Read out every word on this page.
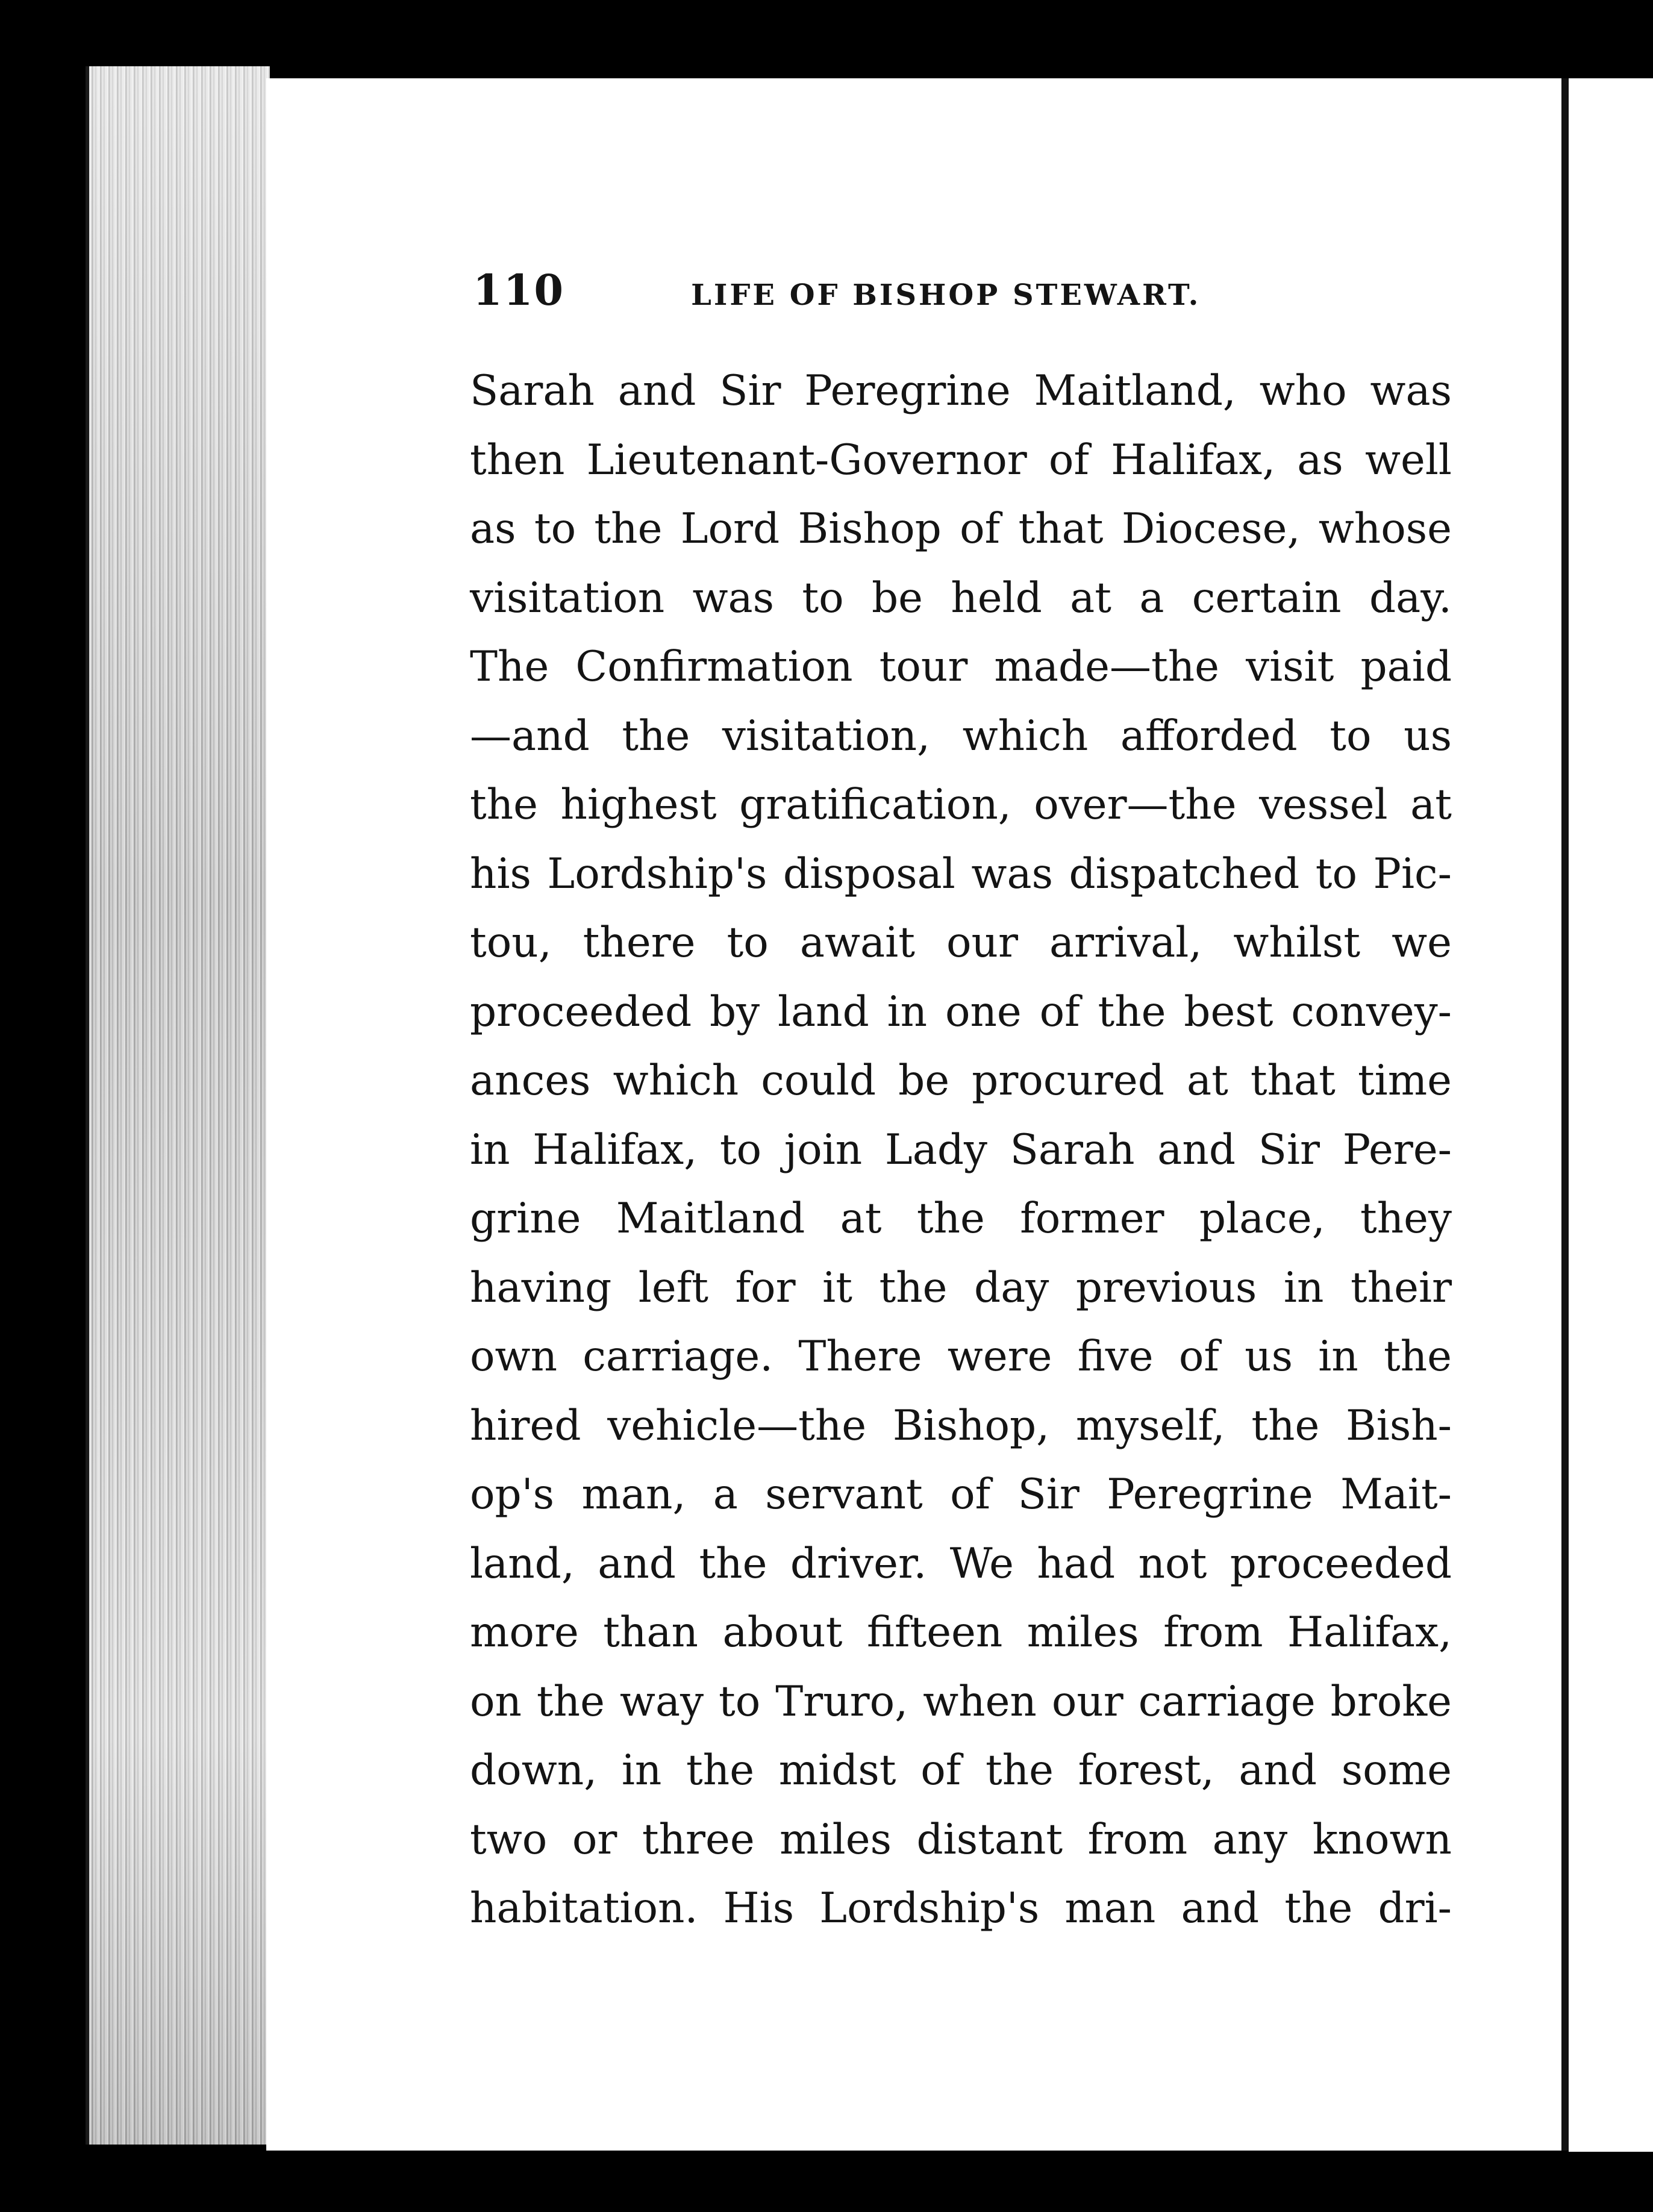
110	LIFE OF BISHOP STEWART.
Sarah and Sir Peregrine Maitland, who was
then Lieutenant-Governor of Halifax, as well
as to the Lord Bishop of that Diocese, whose
visitation was to be held at a certain day.
The Confirmation tour made—the visit paid
—and the visitation, which afforded to us
the highest gratification, over—the vessel at
his Lordship's disposal was dispatched to Pic-
tou, there to await our arrival, whilst we
proceeded by land in one of the best convey-
ances which could be procured at that time
in Halifax, to join Lady Sarah and Sir Pere-
grine Maitland at the former place, they
having left for it the day previous in their
own carriage. There were five of us in the
hired vehicle—the Bishop, myself, the Bish-
op's man, a servant of Sir Peregrine Mait-
land, and the driver. We had not proceeded
more than about fifteen miles from Halifax,
on the way to Truro, when our carriage broke
down, in the midst of the forest, and some
two or three miles distant from any known
habitation. His Lordship's man and the dri-
